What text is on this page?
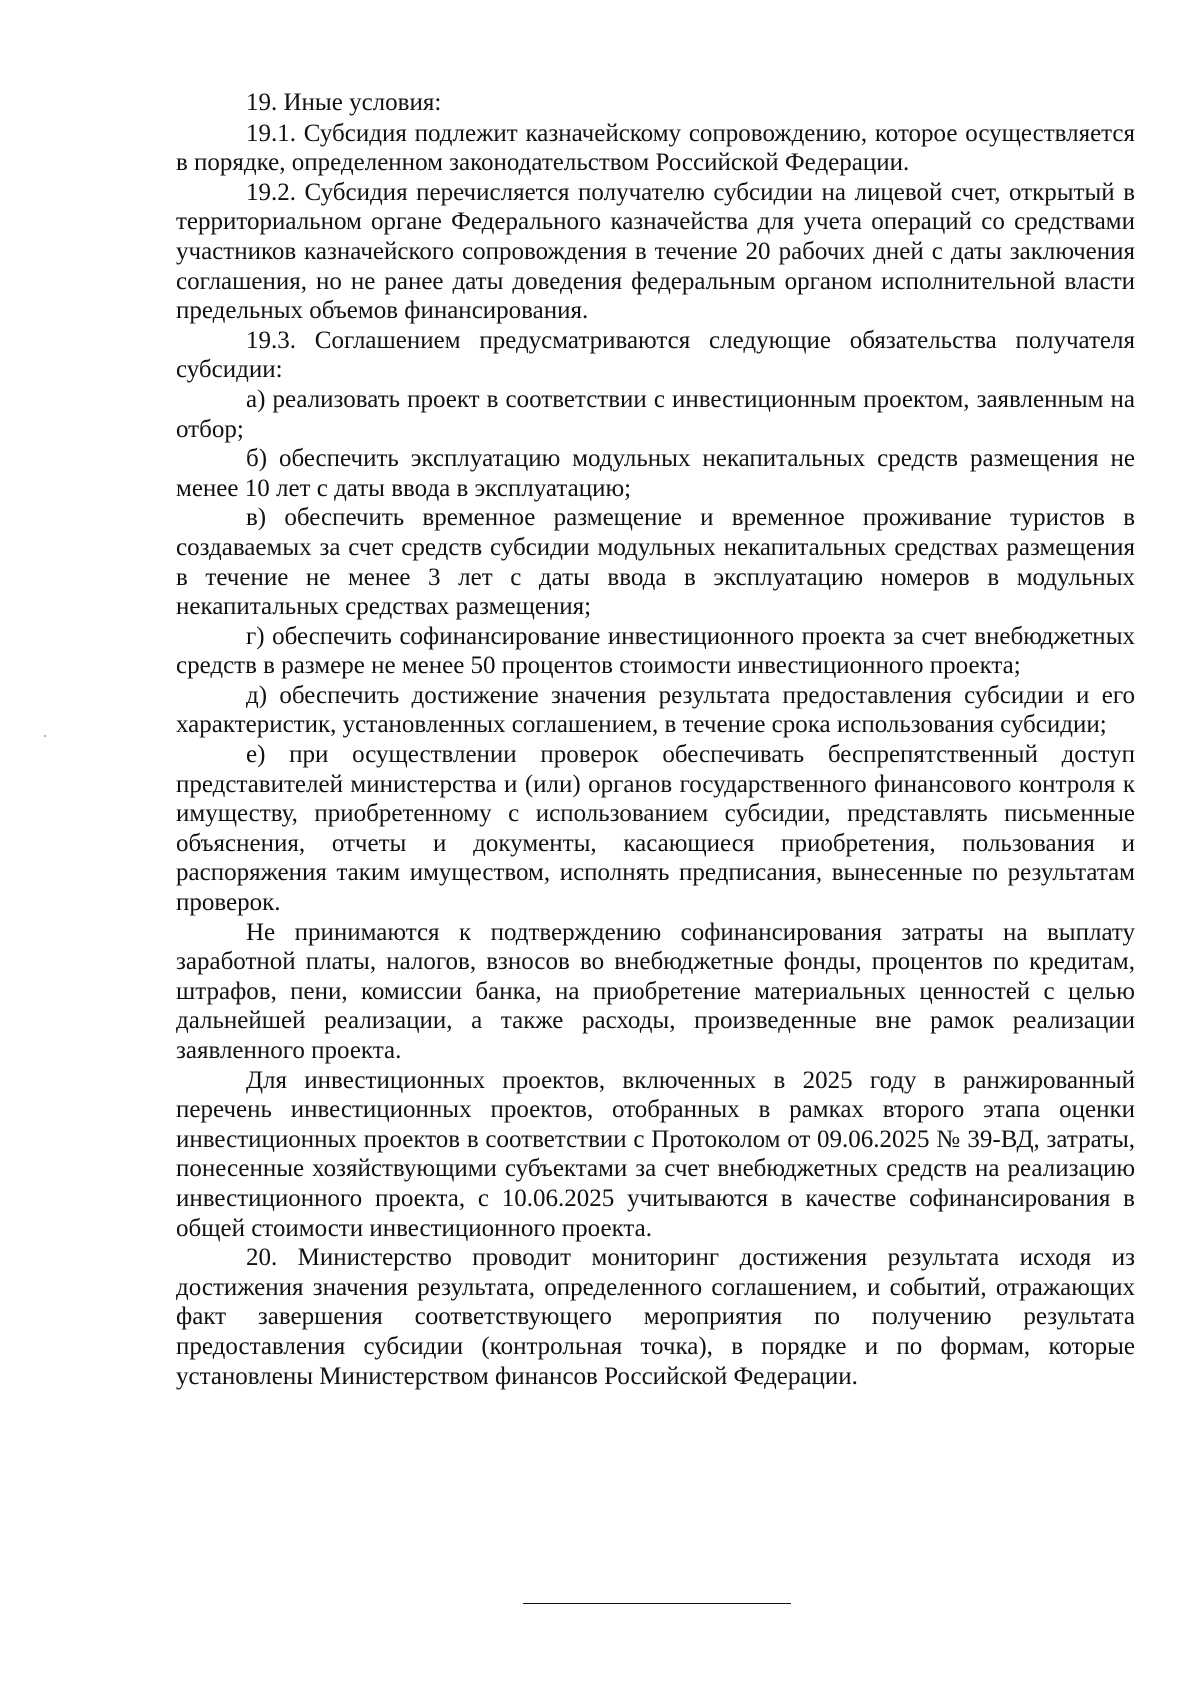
19. Иные условия:

19.1. Субсидия подлежит казначейскому сопровождению, которое осуществляется в порядке, определенном законодательством Российской Федерации.

19.2. Субсидия перечисляется получателю субсидии на лицевой счет, открытый в территориальном органе Федерального казначейства для учета операций со средствами участников казначейского сопровождения в течение 20 рабочих дней с даты заключения соглашения, но не ранее даты доведения федеральным органом исполнительной власти предельных объемов финансирования.

19.3. Соглашением предусматриваются следующие обязательства получателя субсидии:

а) реализовать проект в соответствии с инвестиционным проектом, заявленным на отбор;

б) обеспечить эксплуатацию модульных некапитальных средств размещения не менее 10 лет с даты ввода в эксплуатацию;

в) обеспечить временное размещение и временное проживание туристов в создаваемых за счет средств субсидии модульных некапитальных средствах размещения в течение не менее 3 лет с даты ввода в эксплуатацию номеров в модульных некапитальных средствах размещения;

г) обеспечить софинансирование инвестиционного проекта за счет внебюджетных средств в размере не менее 50 процентов стоимости инвестиционного проекта;

д) обеспечить достижение значения результата предоставления субсидии и его характеристик, установленных соглашением, в течение срока использования субсидии;

е) при осуществлении проверок обеспечивать беспрепятственный доступ представителей министерства и (или) органов государственного финансового контроля к имуществу, приобретенному с использованием субсидии, представлять письменные объяснения, отчеты и документы, касающиеся приобретения, пользования и распоряжения таким имуществом, исполнять предписания, вынесенные по результатам проверок.

Не принимаются к подтверждению софинансирования затраты на выплату заработной платы, налогов, взносов во внебюджетные фонды, процентов по кредитам, штрафов, пени, комиссии банка, на приобретение материальных ценностей с целью дальнейшей реализации, а также расходы, произведенные вне рамок реализации заявленного проекта.

Для инвестиционных проектов, включенных в 2025 году в ранжированный перечень инвестиционных проектов, отобранных в рамках второго этапа оценки инвестиционных проектов в соответствии с Протоколом от 09.06.2025 № 39-ВД, затраты, понесенные хозяйствующими субъектами за счет внебюджетных средств на реализацию инвестиционного проекта, с 10.06.2025 учитываются в качестве софинансирования в общей стоимости инвестиционного проекта.

20. Министерство проводит мониторинг достижения результата исходя из достижения значения результата, определенного соглашением, и событий, отражающих факт завершения соответствующего мероприятия по получению результата предоставления субсидии (контрольная точка), в порядке и по формам, которые установлены Министерством финансов Российской Федерации.
